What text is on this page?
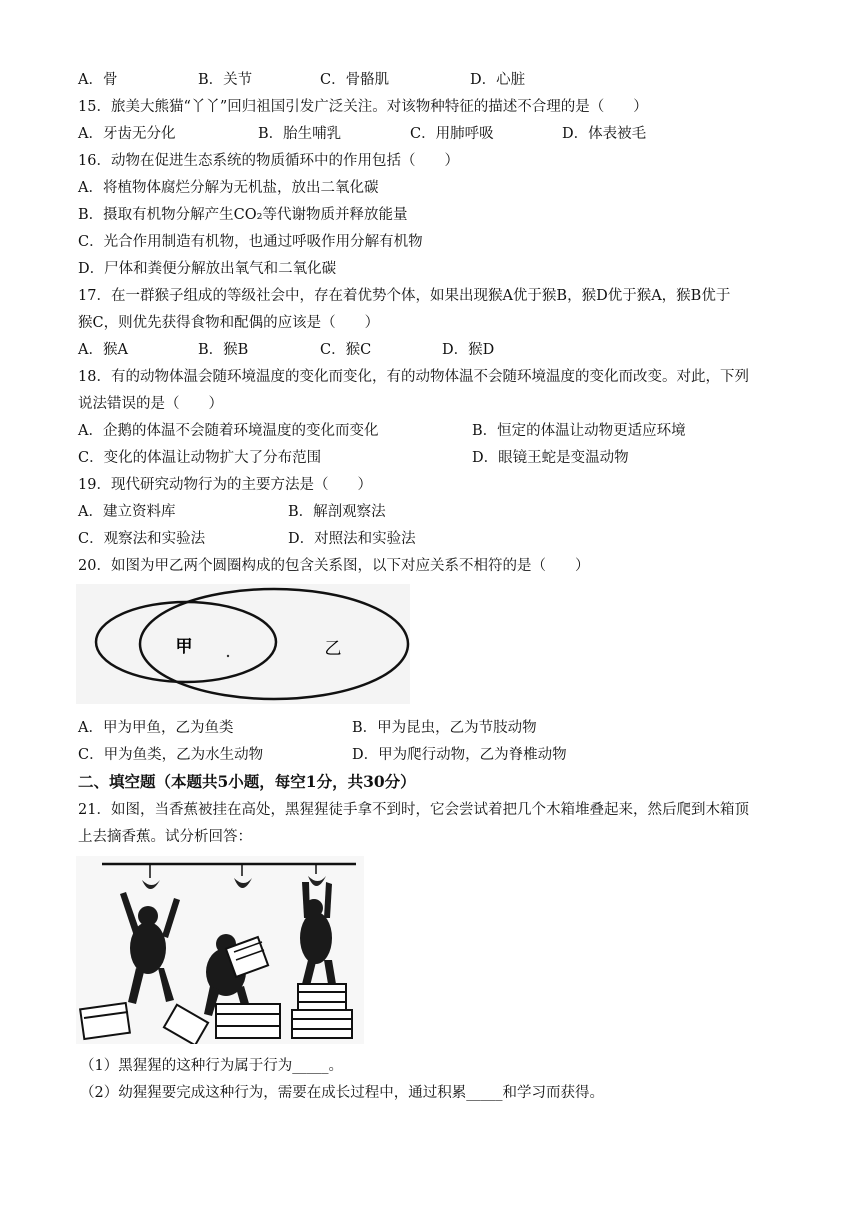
A．骨	B．关节	C．骨骼肌	D．心脏
15．旅美大熊猫“丫丫”回归祖国引发广泛关注。对该物种特征的描述不合理的是（　　）
A．牙齿无分化	B．胎生哺乳	C．用肺呼吸	D．体表被毛
16．动物在促进生态系统的物质循环中的作用包括（　　）
A．将植物体腐烂分解为无机盐，放出二氧化碳
B．摄取有机物分解产生CO₂等代谢物质并释放能量
C．光合作用制造有机物，也通过呼吸作用分解有机物
D．尸体和粪便分解放出氧气和二氧化碳
17．在一群猴子组成的等级社会中，存在着优势个体，如果出现猴A优于猴B，猴D优于猴A，猴B优于
猴C，则优先获得食物和配偶的应该是（　　）
A．猴A	B．猴B	C．猴C	D．猴D
18．有的动物体温会随环境温度的变化而变化，有的动物体温不会随环境温度的变化而改变。对此，下列
说法错误的是（　　）
A．企鹅的体温不会随着环境温度的变化而变化	B．恒定的体温让动物更适应环境
C．变化的体温让动物扩大了分布范围	D．眼镜王蛇是变温动物
19．现代研究动物行为的主要方法是（　　）
A．建立资料库	B．解剖观察法
C．观察法和实验法	D．对照法和实验法
20．如图为甲乙两个圆圈构成的包含关系图，以下对应关系不相符的是（　　）
甲	乙
A．甲为甲鱼，乙为鱼类	B．甲为昆虫，乙为节肢动物
C．甲为鱼类，乙为水生动物	D．甲为爬行动物，乙为脊椎动物
二、填空题（本题共5小题，每空1分，共30分）
21．如图，当香蕉被挂在高处，黑猩猩徒手拿不到时，它会尝试着把几个木箱堆叠起来，然后爬到木箱顶
上去摘香蕉。试分析回答：
（1）黑猩猩的这种行为属于行为_____。
（2）幼猩猩要完成这种行为，需要在成长过程中，通过积累_____和学习而获得。
